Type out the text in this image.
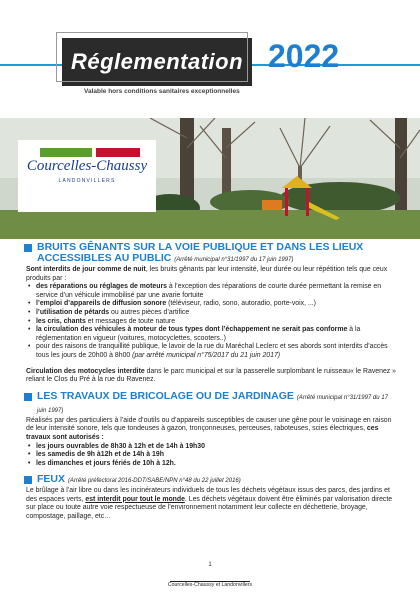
Réglementation 2022
Valable hors conditions sanitaires exceptionnelles
Courcelles-Chaussy
LANDONVILLERS
BRUITS GÊNANTS SUR LA VOIE PUBLIQUE ET DANS LES LIEUX
ACCESSIBLES AU PUBLIC (Arrêté municipal n°31/1997 du 17 juin 1997)

Sont interdits de jour comme de nuit, les bruits gênants par leur intensité, leur durée ou leur répétition tels que ceux produits par :

• des réparations ou réglages de moteurs à l’exception des réparations de courte durée permettant la remise en service d’un véhicule immobilisé par une avarie fortuite

• l’emploi d’appareils de diffusion sonore (téléviseur, radio, sono, autoradio, porte-voix, ...)

• l’utilisation de pétards ou autres pièces d’artifice

• les cris, chants et messages de toute nature

• la circulation des véhicules à moteur de tous types dont l’échappement ne serait pas conforme à la réglementation en vigueur (voitures, motocyclettes, scooters..)

• pour des raisons de tranquillité publique, le lavoir de la rue du Maréchal Leclerc et ses abords sont interdits d’accès tous les jours de 20h00 à 8h00 (par arrêté municipal n°75/2017 du 21 juin 2017)

Circulation des motocycles interdite dans le parc municipal et sur la passerelle surplombant le ruisseau« le Ravenez » reliant le Clos du Pré à la rue du Ravenez.

LES TRAVAUX DE BRICOLAGE OU DE JARDINAGE (Arrêté municipal n°31/1997 du 17 juin 1997)

Réalisés par des particuliers à l’aide d’outils ou d’appareils susceptibles de causer une gêne pour le voisinage en raison de leur intensité sonore, tels que tondeuses à gazon, tronçonneuses, perceuses, raboteuses, scies électriques, ces travaux sont autorisés :

• les jours ouvrables de 8h30 à 12h et de 14h à 19h30

• les samedis de 9h à12h et de 14h à 19h

• les dimanches et jours fériés de 10h à 12h.

FEUX (Arrêté préfectoral 2016-DDT/SABE/NPN n°48 du 22 juillet 2016)

Le brûlage à l’air libre ou dans les incinérateurs individuels de tous les déchets végétaux issus des parcs, des jardins et des espaces verts, est interdit pour tout le monde. Les déchets végétaux doivent être éliminés par valorisation directe sur place ou toute autre voie respectueuse de l’environnement notamment leur collecte en déchetterie, broyage, compostage, paillage, etc…

1
Courcelles-Chaussy et Landonvillers
